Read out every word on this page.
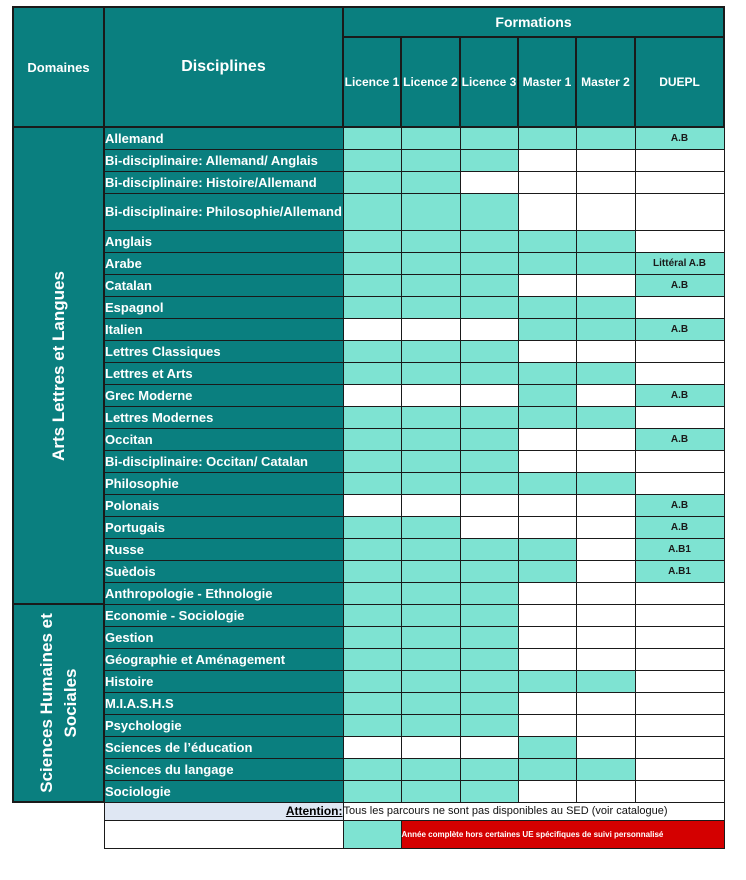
Domaines	Disciplines	Formations					
		Licence 1	Licence 2	Licence 3	Master 1	Master 2	DUEPL

Arts Lettres et Langues	Allemand						A.B
	Bi-disciplinaire: Allemand/ Anglais						
	Bi-disciplinaire: Histoire/Allemand						
	Bi-disciplinaire: Philosophie/Allemand						
	Anglais						
	Arabe						Littéral A.B
	Catalan						A.B
	Espagnol						
	Italien						A.B
	Lettres Classiques						
	Lettres et Arts						
	Grec Moderne						A.B
	Lettres Modernes						
	Occitan						A.B
	Bi-disciplinaire: Occitan/ Catalan						
	Philosophie						
	Polonais						A.B
	Portugais						A.B
	Russe						A.B1
	Suèdois						A.B1
	Anthropologie - Ethnologie						

Sciences Humaines et Sociales	Economie - Sociologie						
	Gestion						
	Géographie et Aménagement						
	Histoire						
	M.I.A.S.H.S						
	Psychologie						
	Sciences de l’éducation						
	Sciences du langage						
	Sociologie						
	Attention:	Tous les parcours ne sont pas disponibles au SED (voir catalogue)					
			Année complète hors certaines UE spécifiques de suivi personnalisé				
